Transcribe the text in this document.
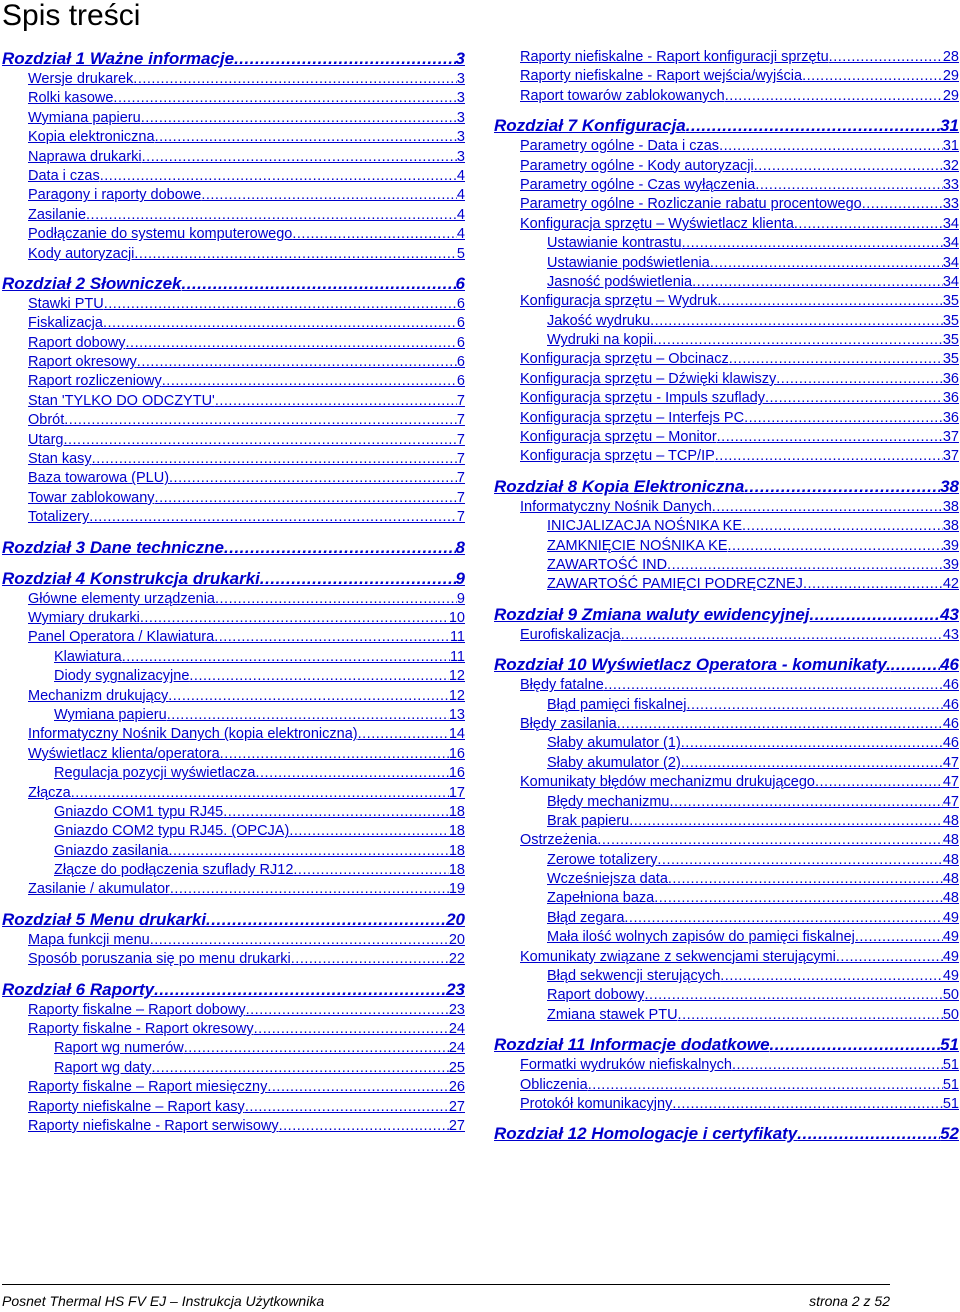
Spis treści
Rozdział 1 Ważne informacje .....	3
Wersje drukarek .....	3
Rolki kasowe .....	3
Wymiana papieru .....	3
Kopia elektroniczna .....	3
Naprawa drukarki .....	3
Data i czas .....	4
Paragony i raporty dobowe .....	4
Zasilanie .....	4
Podłączanie do systemu komputerowego .....	4
Kody autoryzacji .....	5
Rozdział 2 Słowniczek .....	6
Stawki PTU .....	6
Fiskalizacja .....	6
Raport dobowy .....	6
Raport okresowy .....	6
Raport rozliczeniowy .....	6
Stan 'TYLKO DO ODCZYTU' .....	7
Obrót .....	7
Utarg .....	7
Stan kasy .....	7
Baza towarowa (PLU) .....	7
Towar zablokowany .....	7
Totalizery .....	7
Rozdział 3 Dane techniczne .....	8
Rozdział 4 Konstrukcja drukarki .....	9
Główne elementy urządzenia .....	9
Wymiary drukarki .....	10
Panel Operatora / Klawiatura .....	11
Klawiatura .....	11
Diody sygnalizacyjne .....	12
Mechanizm drukujący .....	12
Wymiana papieru .....	13
Informatyczny Nośnik Danych (kopia elektroniczna) .....	14
Wyświetlacz klienta/operatora .....	16
Regulacja pozycji wyświetlacza .....	16
Złącza .....	17
Gniazdo COM1 typu RJ45 .....	18
Gniazdo COM2 typu RJ45. (OPCJA) .....	18
Gniazdo zasilania .....	18
Złącze do podłączenia szuflady RJ12 .....	18
Zasilanie / akumulator .....	19
Rozdział 5 Menu drukarki .....	20
Mapa funkcji menu .....	20
Sposób poruszania się po menu drukarki .....	22
Rozdział 6 Raporty .....	23
Raporty fiskalne – Raport dobowy .....	23
Raporty fiskalne - Raport okresowy .....	24
Raport wg numerów .....	24
Raport wg daty .....	25
Raporty fiskalne – Raport miesięczny .....	26
Raporty niefiskalne – Raport kasy .....	27
Raporty niefiskalne - Raport serwisowy .....	27
Raporty niefiskalne - Raport konfiguracji sprzętu .....	28
Raporty niefiskalne - Raport wejścia/wyjścia .....	29
Raport towarów zablokowanych .....	29
Rozdział 7 Konfiguracja .....	31
Parametry ogólne - Data i czas .....	31
Parametry ogólne - Kody autoryzacji .....	32
Parametry ogólne - Czas wyłączenia .....	33
Parametry ogólne - Rozliczanie rabatu procentowego .....	33
Konfiguracja sprzętu – Wyświetlacz klienta .....	34
Ustawianie kontrastu .....	34
Ustawianie podświetlenia .....	34
Jasność podświetlenia .....	34
Konfiguracja sprzętu – Wydruk .....	35
Jakość wydruku .....	35
Wydruki na kopii .....	35
Konfiguracja sprzętu – Obcinacz .....	35
Konfiguracja sprzętu – Dźwięki klawiszy .....	36
Konfiguracja sprzętu - Impuls szuflady .....	36
Konfiguracja sprzętu – Interfejs PC .....	36
Konfiguracja sprzętu – Monitor .....	37
Konfiguracja sprzętu – TCP/IP .....	37
Rozdział 8 Kopia Elektroniczna .....	38
Informatyczny Nośnik Danych .....	38
INICJALIZACJA NOŚNIKA KE .....	38
ZAMKNIĘCIE NOŚNIKA KE .....	39
ZAWARTOŚĆ IND .....	39
ZAWARTOŚĆ PAMIĘCI PODRĘCZNEJ .....	42
Rozdział 9 Zmiana waluty ewidencyjnej .....	43
Eurofiskalizacja .....	43
Rozdział 10 Wyświetlacz Operatora - komunikaty. .....	46
Błędy fatalne .....	46
Błąd pamięci fiskalnej .....	46
Błędy zasilania .....	46
Słaby akumulator (1) .....	46
Słaby akumulator (2) .....	47
Komunikaty błędów mechanizmu drukującego .....	47
Błędy mechanizmu .....	47
Brak papieru .....	48
Ostrzeżenia .....	48
Zerowe totalizery .....	48
Wcześniejsza data .....	48
Zapełniona baza .....	48
Błąd zegara .....	49
Mała ilość wolnych zapisów do pamięci fiskalnej .....	49
Komunikaty związane z sekwencjami sterującymi .....	49
Błąd sekwencji sterujących .....	49
Raport dobowy .....	50
Zmiana stawek PTU .....	50
Rozdział 11 Informacje dodatkowe .....	51
Formatki wydruków niefiskalnych .....	51
Obliczenia .....	51
Protokół komunikacyjny .....	51
Rozdział 12 Homologacje i certyfikaty .....	52
Posnet Thermal HS FV EJ – Instrukcja Użytkownika	strona 2 z 52
